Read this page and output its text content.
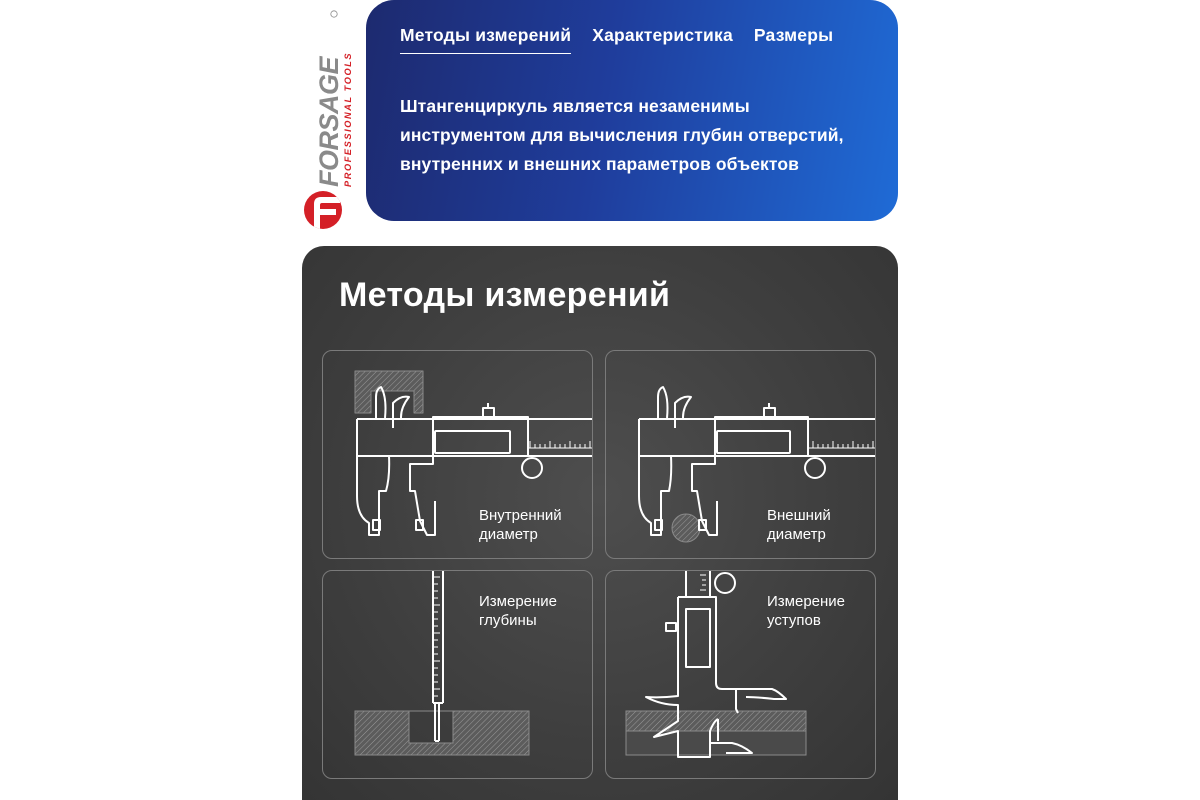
FORSAGE PROFESSIONAL TOOLS
Методы измерений Характеристика Размеры
Штангенциркуль является незаменимы инструментом для вычисления глубин отверстий, внутренних и внешних параметров объектов
Методы измерений
Внутренний
диаметр
Внешний
диаметр
Измерение
глубины
Измерение
уступов
